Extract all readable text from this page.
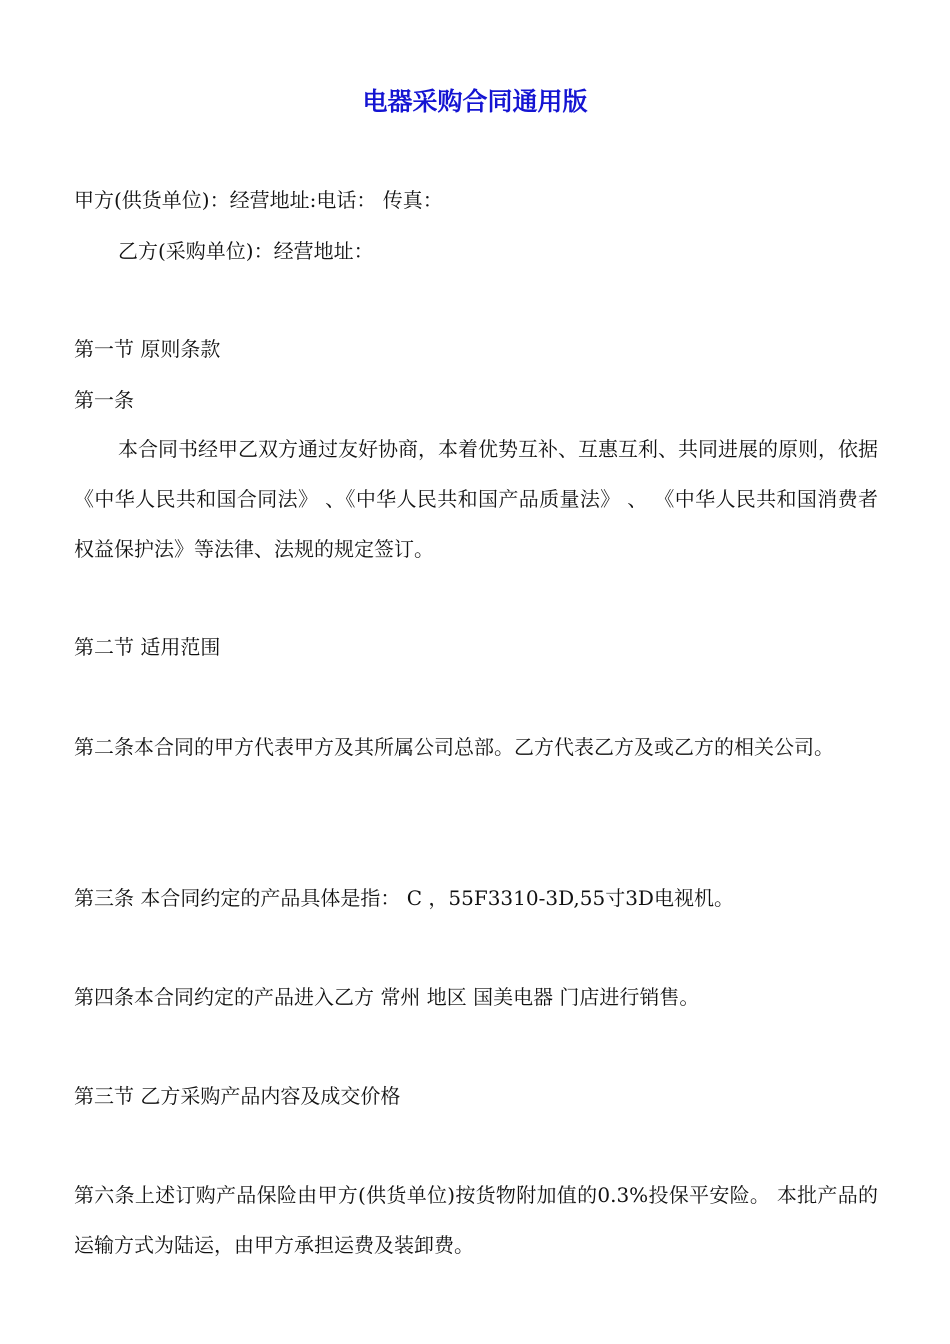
电器采购合同通用版

甲方(供货单位)：经营地址:电话： 传真：

乙方(采购单位)：经营地址：

第一节 原则条款

第一条

本合同书经甲乙双方通过友好协商，本着优势互补、互惠互利、共同进展的原则，依据《中华人民共和国合同法》 、《中华人民共和国产品质量法》 、 《中华人民共和国消费者权益保护法》等法律、法规的规定签订。

第二节 适用范围

第二条本合同的甲方代表甲方及其所属公司总部。乙方代表乙方及或乙方的相关公司。

第三条 本合同约定的产品具体是指： C ，55F3310-3D,55寸3D电视机。

第四条本合同约定的产品进入乙方 常州 地区 国美电器 门店进行销售。

第三节 乙方采购产品内容及成交价格

第六条上述订购产品保险由甲方(供货单位)按货物附加值的0.3%投保平安险。 本批产品的运输方式为陆运，由甲方承担运费及装卸费。
